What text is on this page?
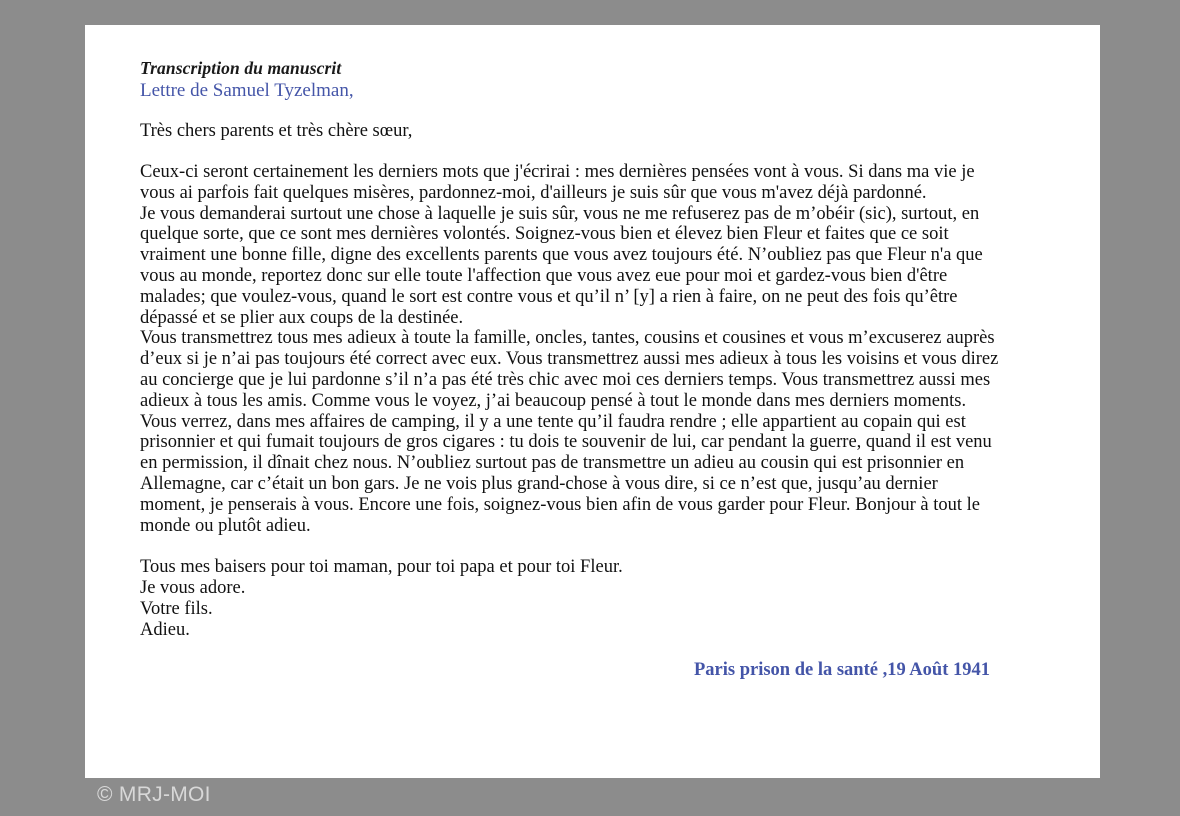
Transcription du manuscrit
Lettre de Samuel Tyzelman,
Très chers parents et très chère sœur,

Ceux-ci seront certainement les derniers mots que j'écrirai : mes dernières pensées vont à vous. Si dans ma vie je vous ai parfois fait quelques misères, pardonnez-moi, d'ailleurs je suis sûr que vous m'avez déjà pardonné.

Je vous demanderai surtout une chose à laquelle je suis sûr, vous ne me refuserez pas de m’obéir (sic), surtout, en quelque sorte, que ce sont mes dernières volontés. Soignez-vous bien et élevez bien Fleur et faites que ce soit vraiment une bonne fille, digne des excellents parents que vous avez toujours été. N’oubliez pas que Fleur n'a que vous au monde, reportez donc sur elle toute l'affection que vous avez eue pour moi et gardez-vous bien d'être malades; que voulez-vous, quand le sort est contre vous et qu’il n’ [y] a rien à faire, on ne peut des fois qu’être dépassé et se plier aux coups de la destinée.

Vous transmettrez tous mes adieux à toute la famille, oncles, tantes, cousins et cousines et vous m’excuserez auprès d’eux si je n’ai pas toujours été correct avec eux. Vous transmettrez aussi mes adieux à tous les voisins et vous direz au concierge que je lui pardonne s’il n’a pas été très chic avec moi ces derniers temps. Vous transmettrez aussi mes adieux à tous les amis. Comme vous le voyez, j’ai beaucoup pensé à tout le monde dans mes derniers moments.

Vous verrez, dans mes affaires de camping, il y a une tente qu’il faudra rendre ; elle appartient au copain qui est prisonnier et qui fumait toujours de gros cigares : tu dois te souvenir de lui, car pendant la guerre, quand il est venu en permission, il dînait chez nous. N’oubliez surtout pas de transmettre un adieu au cousin qui est prisonnier en Allemagne, car c’était un bon gars. Je ne vois plus grand-chose à vous dire, si ce n’est que, jusqu’au dernier moment, je penserais à vous. Encore une fois, soignez-vous bien afin de vous garder pour Fleur. Bonjour à tout le monde ou plutôt adieu.

Tous mes baisers pour toi maman, pour toi papa et pour toi Fleur.
Je vous adore.
Votre fils.
Adieu.
Paris prison de la santé ,19 Août 1941
© MRJ-MOI
